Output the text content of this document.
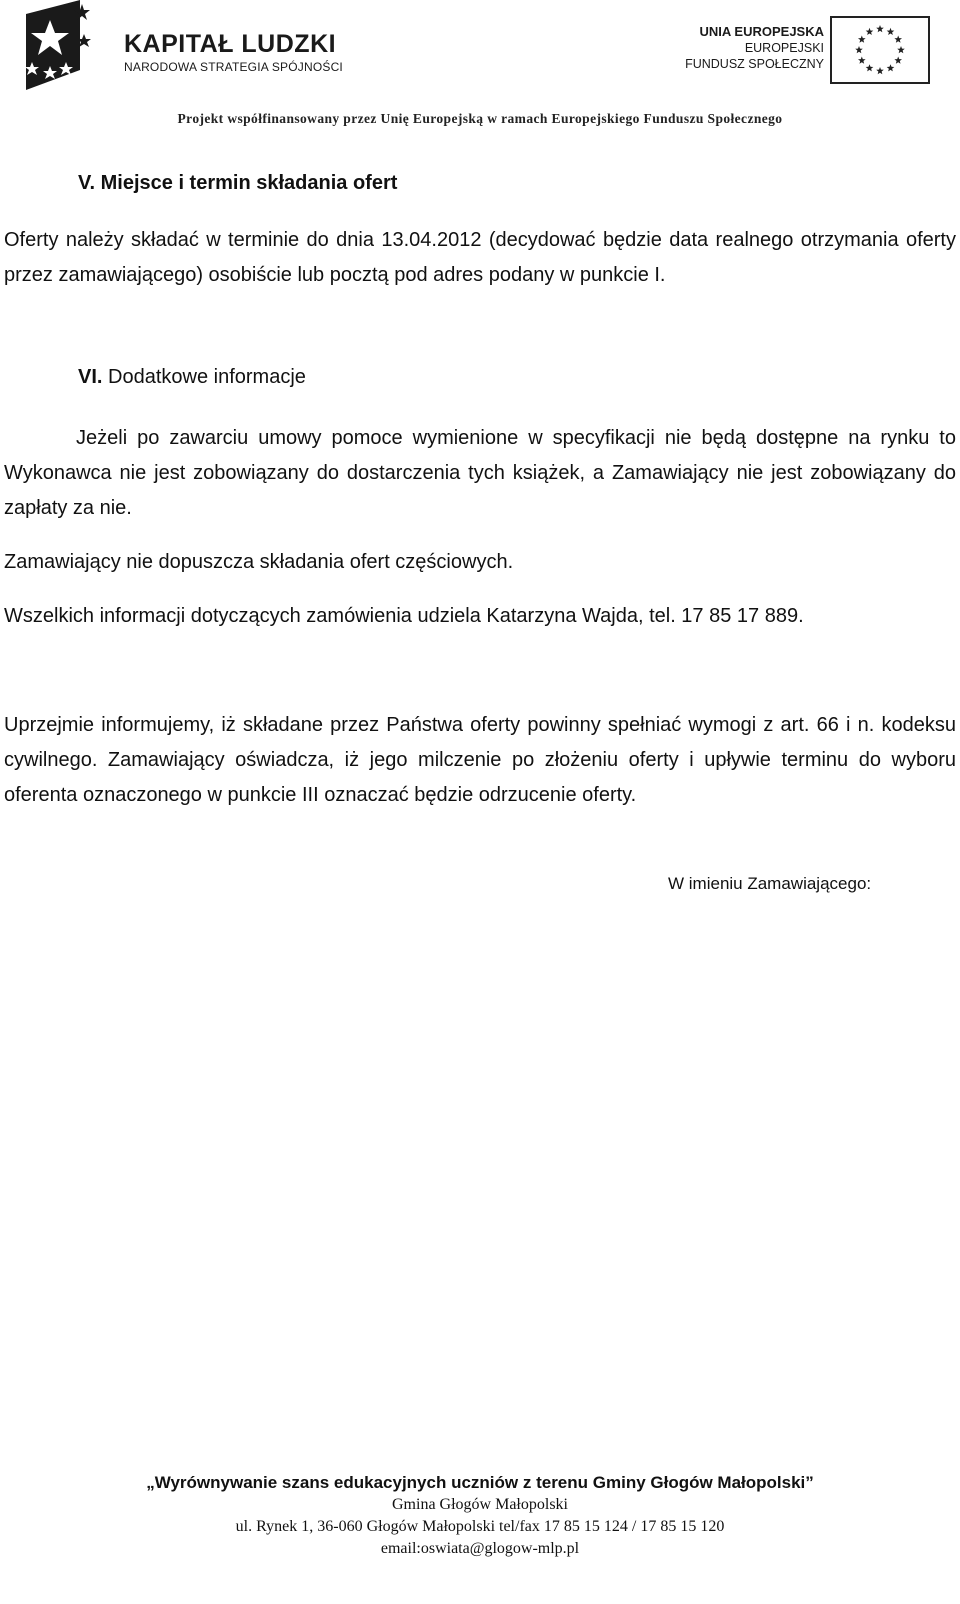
KAPITAŁ LUDZKI
NARODOWA STRATEGIA SPÓJNOŚCI
UNIA EUROPEJSKA
EUROPEJSKI
FUNDUSZ SPOŁECZNY
Projekt współfinansowany przez Unię Europejską w ramach Europejskiego Funduszu Społecznego
V. Miejsce i termin składania ofert
Oferty należy składać w terminie do dnia 13.04.2012 (decydować będzie data realnego otrzymania oferty przez zamawiającego) osobiście lub pocztą pod adres podany w punkcie I.
VI. Dodatkowe informacje
Jeżeli po zawarciu umowy pomoce wymienione w specyfikacji nie będą dostępne na rynku to Wykonawca nie jest zobowiązany do dostarczenia tych książek, a Zamawiający nie jest zobowiązany do zapłaty za nie.
Zamawiający nie dopuszcza składania ofert częściowych.
Wszelkich informacji dotyczących zamówienia udziela Katarzyna Wajda, tel. 17 85 17 889.
Uprzejmie informujemy, iż składane przez Państwa oferty powinny spełniać wymogi z art. 66 i n. kodeksu cywilnego. Zamawiający oświadcza, iż jego milczenie po złożeniu oferty i upływie terminu do wyboru oferenta oznaczonego w punkcie III oznaczać będzie odrzucenie oferty.
W imieniu Zamawiającego:
„Wyrównywanie szans edukacyjnych uczniów z terenu Gminy Głogów Małopolski”
Gmina Głogów Małopolski
ul. Rynek 1, 36-060 Głogów Małopolski tel/fax 17 85 15 124 / 17 85 15 120
email:oswiata@glogow-mlp.pl
